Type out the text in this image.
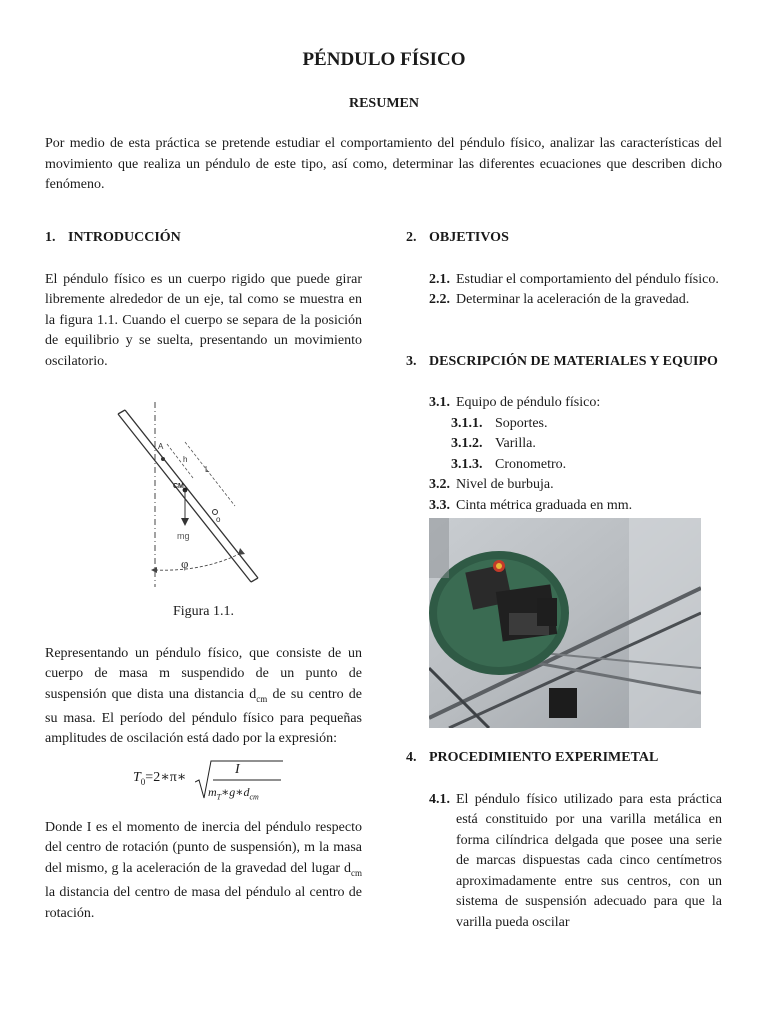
PÉNDULO FÍSICO
RESUMEN

Por medio de esta práctica se pretende estudiar el comportamiento del péndulo físico, analizar las características del movimiento que realiza un péndulo de este tipo, así como, determinar las diferentes ecuaciones que describen dicho fenómeno.

1. INTRODUCCIÓN

El péndulo físico es un cuerpo rigido que puede girar libremente alrededor de un eje, tal como se muestra en la figura 1.1. Cuando el cuerpo se separa de la posición de equilibrio y se suelta, presentando un movimiento oscilatorio.

A
h
L
CM
o
mg
φ
Figura 1.1.

Representando un péndulo físico, que consiste de un cuerpo de masa m suspendido de un punto de suspensión que dista una distancia $d_{cm}$ de su centro de su masa. El período del péndulo físico para pequeñas amplitudes de oscilación está dado por la expresión:

$T_0=2∗\pi∗$
I
$m_T∗g∗d_{cm}$

Donde I es el momento de inercia del péndulo respecto del centro de rotación (punto de suspensión), m la masa del mismo, g la aceleración de la gravedad del lugar $d_{cm}$ la distancia del centro de masa del péndulo al centro de rotación.

2. OBJETIVOS
2.1. Estudiar el comportamiento del péndulo físico.
2.2. Determinar la aceleración de la gravedad.
3. DESCRIPCIÓN DE MATERIALES Y EQUIPO
3.1. Equipo de péndulo físico:
3.1.1. Soportes.
3.1.2. Varilla.
3.1.3. Cronometro.
3.2. Nivel de burbuja.
3.3. Cinta métrica graduada en mm.
4. PROCEDIMIENTO EXPERIMETAL
4.1. El péndulo físico utilizado para esta práctica está constituido por una varilla metálica en forma cilíndrica delgada que posee una serie de marcas dispuestas cada cinco centímetros aproximadamente entre sus centros, con un sistema de suspensión adecuado para que la varilla pueda oscilar
